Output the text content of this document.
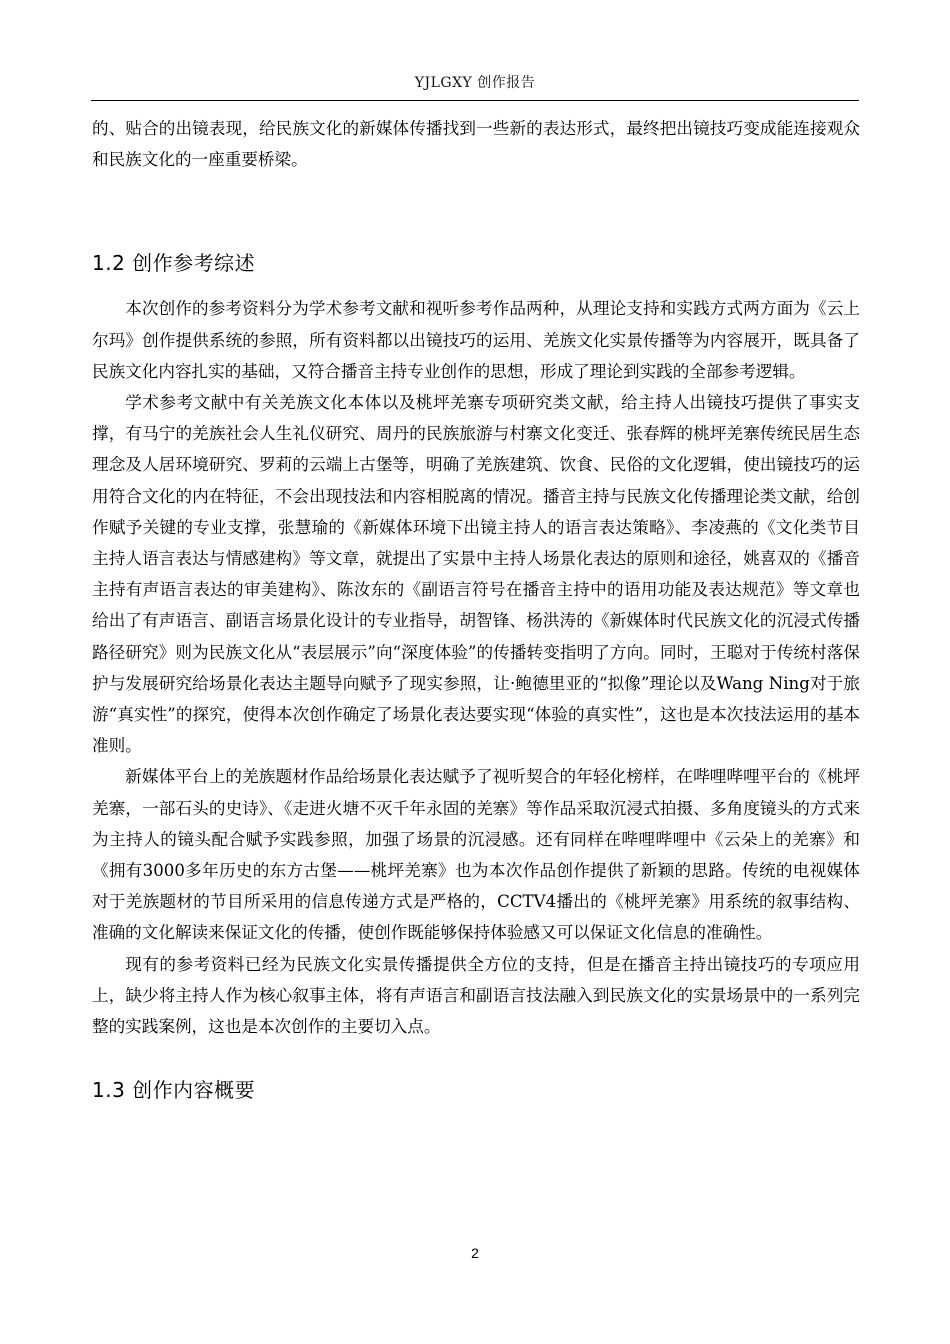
YJLGXY 创作报告

的、贴合的出镜表现，给民族文化的新媒体传播找到一些新的表达形式，最终把出镜技巧变成能连接观众和民族文化的一座重要桥梁。

1.2 创作参考综述

本次创作的参考资料分为学术参考文献和视听参考作品两种，从理论支持和实践方式两方面为《云上尔玛》创作提供系统的参照，所有资料都以出镜技巧的运用、羌族文化实景传播等为内容展开，既具备了民族文化内容扎实的基础，又符合播音主持专业创作的思想，形成了理论到实践的全部参考逻辑。

学术参考文献中有关羌族文化本体以及桃坪羌寨专项研究类文献，给主持人出镜技巧提供了事实支撑，有马宁的羌族社会人生礼仪研究、周丹的民族旅游与村寨文化变迁、张春辉的桃坪羌寨传统民居生态理念及人居环境研究、罗莉的云端上古堡等，明确了羌族建筑、饮食、民俗的文化逻辑，使出镜技巧的运用符合文化的内在特征，不会出现技法和内容相脱离的情况。播音主持与民族文化传播理论类文献，给创作赋予关键的专业支撑，张慧瑜的《新媒体环境下出镜主持人的语言表达策略》、李凌燕的《文化类节目主持人语言表达与情感建构》等文章，就提出了实景中主持人场景化表达的原则和途径，姚喜双的《播音主持有声语言表达的审美建构》、陈汝东的《副语言符号在播音主持中的语用功能及表达规范》等文章也给出了有声语言、副语言场景化设计的专业指导，胡智锋、杨洪涛的《新媒体时代民族文化的沉浸式传播路径研究》则为民族文化从“表层展示”向“深度体验”的传播转变指明了方向。同时，王聪对于传统村落保护与发展研究给场景化表达主题导向赋予了现实参照，让·鲍德里亚的“拟像”理论以及Wang Ning对于旅游“真实性”的探究，使得本次创作确定了场景化表达要实现“体验的真实性”，这也是本次技法运用的基本准则。

新媒体平台上的羌族题材作品给场景化表达赋予了视听契合的年轻化榜样，在哔哩哔哩平台的《桃坪羌寨，一部石头的史诗》、《走进火塘不灭千年永固的羌寨》等作品采取沉浸式拍摄、多角度镜头的方式来为主持人的镜头配合赋予实践参照，加强了场景的沉浸感。还有同样在哔哩哔哩中《云朵上的羌寨》和《拥有3000多年历史的东方古堡——桃坪羌寨》也为本次作品创作提供了新颖的思路。传统的电视媒体对于羌族题材的节目所采用的信息传递方式是严格的，CCTV4播出的《桃坪羌寨》用系统的叙事结构、准确的文化解读来保证文化的传播，使创作既能够保持体验感又可以保证文化信息的准确性。

现有的参考资料已经为民族文化实景传播提供全方位的支持，但是在播音主持出镜技巧的专项应用上，缺少将主持人作为核心叙事主体，将有声语言和副语言技法融入到民族文化的实景场景中的一系列完整的实践案例，这也是本次创作的主要切入点。

1.3 创作内容概要
2
